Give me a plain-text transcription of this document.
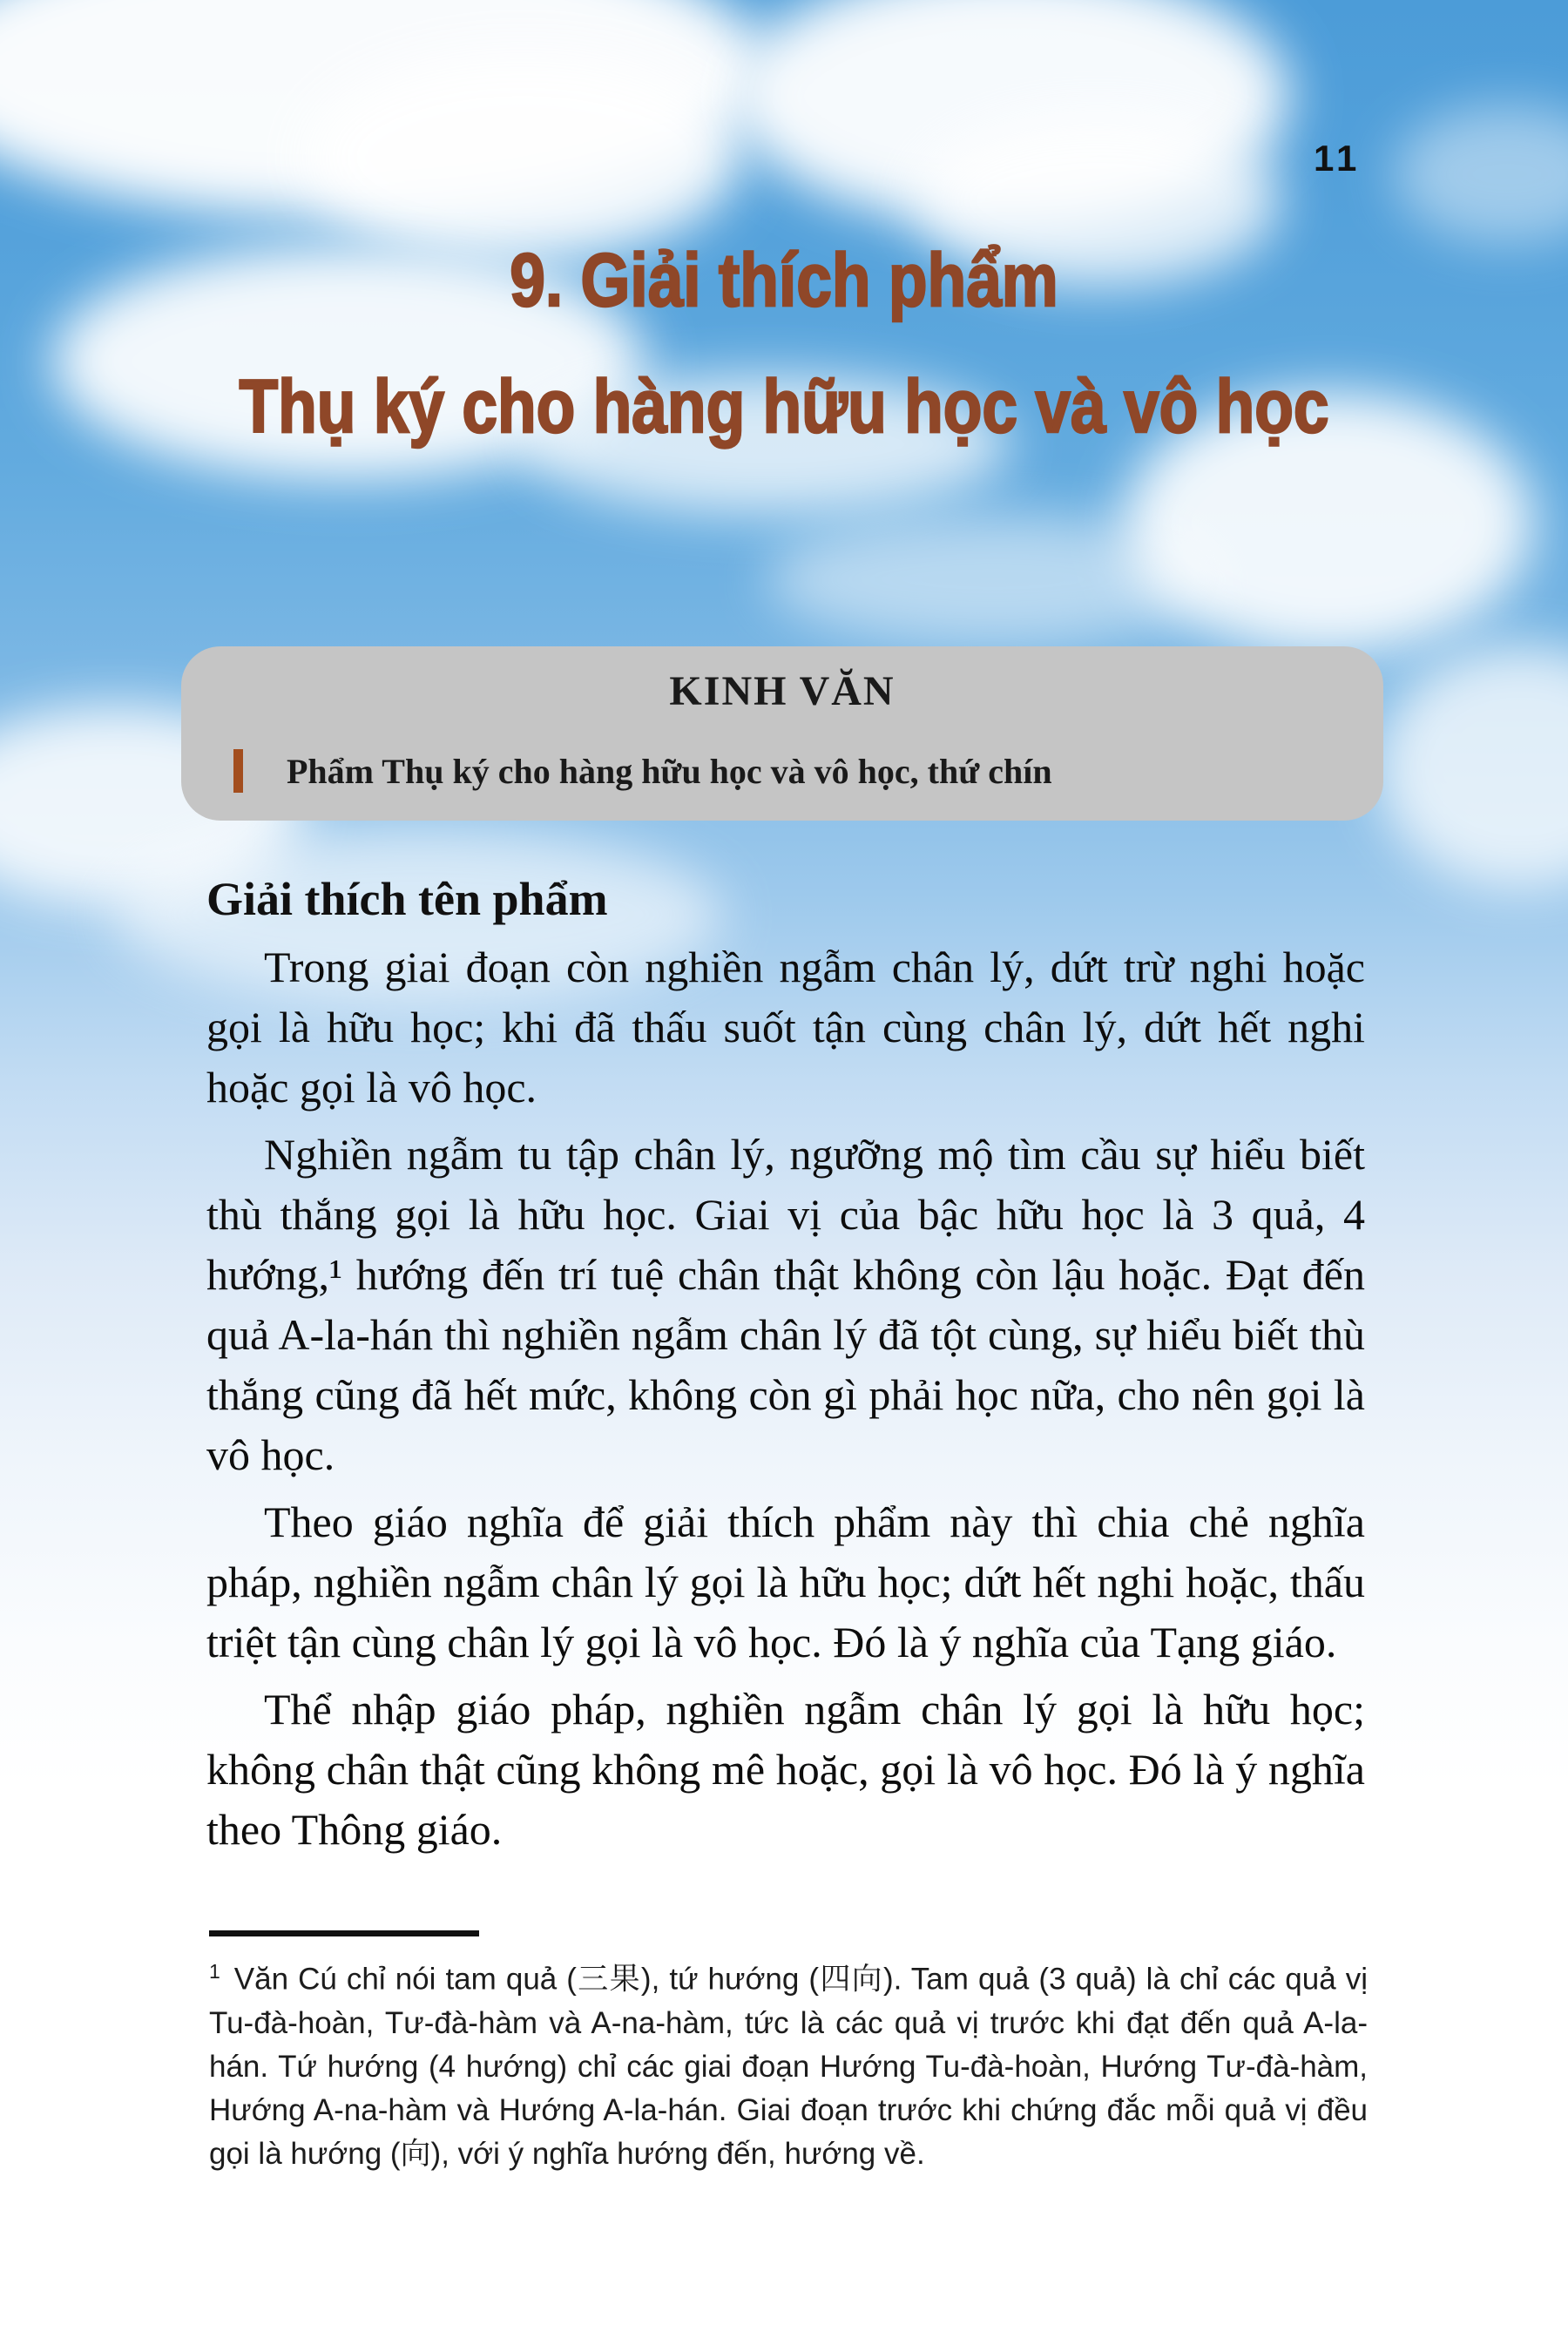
11
9. Giải thích phẩm
Thụ ký cho hàng hữu học và vô học
KINH VĂN
Phẩm Thụ ký cho hàng hữu học và vô học, thứ chín
Giải thích tên phẩm

Trong giai đoạn còn nghiền ngẫm chân lý, dứt trừ nghi hoặc gọi là hữu học; khi đã thấu suốt tận cùng chân lý, dứt hết nghi hoặc gọi là vô học.

Nghiền ngẫm tu tập chân lý, ngưỡng mộ tìm cầu sự hiểu biết thù thắng gọi là hữu học. Giai vị của bậc hữu học là 3 quả, 4 hướng,¹ hướng đến trí tuệ chân thật không còn lậu hoặc. Đạt đến quả A-la-hán thì nghiền ngẫm chân lý đã tột cùng, sự hiểu biết thù thắng cũng đã hết mức, không còn gì phải học nữa, cho nên gọi là vô học.

Theo giáo nghĩa để giải thích phẩm này thì chia chẻ nghĩa pháp, nghiền ngẫm chân lý gọi là hữu học; dứt hết nghi hoặc, thấu triệt tận cùng chân lý gọi là vô học. Đó là ý nghĩa của Tạng giáo.

Thể nhập giáo pháp, nghiền ngẫm chân lý gọi là hữu học; không chân thật cũng không mê hoặc, gọi là vô học. Đó là ý nghĩa theo Thông giáo.

$^1$ Văn Cú chỉ nói tam quả (三果), tứ hướng (四向). Tam quả (3 quả) là chỉ các quả vị Tu-đà-hoàn, Tư-đà-hàm và A-na-hàm, tức là các quả vị trước khi đạt đến quả A-la-hán. Tứ hướng (4 hướng) chỉ các giai đoạn Hướng Tu-đà-hoàn, Hướng Tư-đà-hàm, Hướng A-na-hàm và Hướng A-la-hán. Giai đoạn trước khi chứng đắc mỗi quả vị đều gọi là hướng (向), với ý nghĩa hướng đến, hướng về.
